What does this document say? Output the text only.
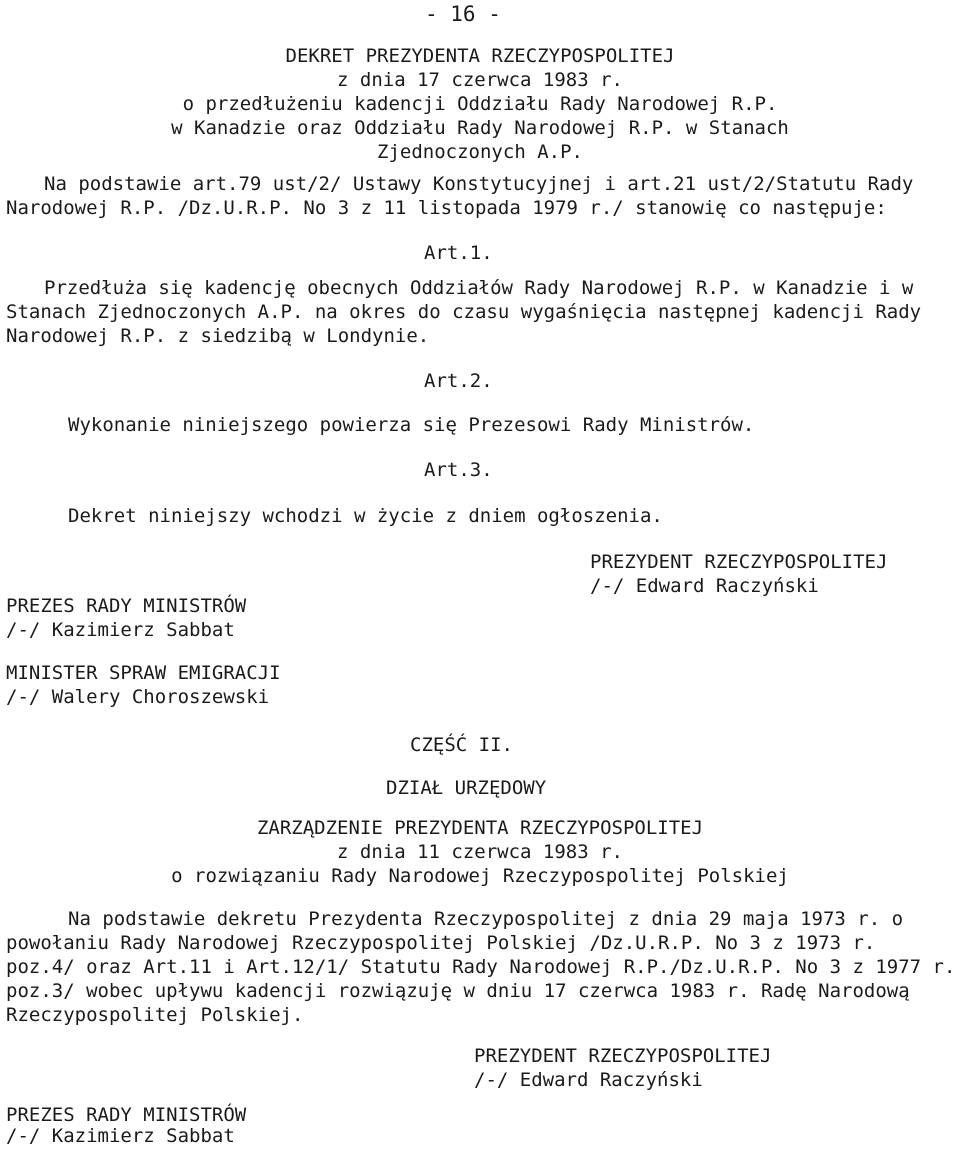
- 16 -
DEKRET PREZYDENTA RZECZYPOSPOLITEJ
z dnia 17 czerwca 1983 r.
o przedłużeniu kadencji Oddziału Rady Narodowej R.P.
w Kanadzie oraz Oddziału Rady Narodowej R.P. w Stanach
Zjednoczonych A.P.
Na podstawie art.79 ust/2/ Ustawy Konstytucyjnej i art.21 ust/2/Statutu Rady
Narodowej R.P. /Dz.U.R.P. No 3 z 11 listopada 1979 r./ stanowię co następuje:
Art.1.
Przedłuża się kadencję obecnych Oddziałów Rady Narodowej R.P. w Kanadzie i w
Stanach Zjednoczonych A.P. na okres do czasu wygaśnięcia następnej kadencji Rady
Narodowej R.P. z siedzibą w Londynie.
Art.2.
Wykonanie niniejszego powierza się Prezesowi Rady Ministrów.
Art.3.
Dekret niniejszy wchodzi w życie z dniem ogłoszenia.
PREZYDENT RZECZYPOSPOLITEJ
/-/ Edward Raczyński
PREZES RADY MINISTRÓW
/-/ Kazimierz Sabbat
MINISTER SPRAW EMIGRACJI
/-/ Walery Choroszewski
CZĘŚĆ II.
DZIAŁ URZĘDOWY
ZARZĄDZENIE PREZYDENTA RZECZYPOSPOLITEJ
z dnia 11 czerwca 1983 r.
o rozwiązaniu Rady Narodowej Rzeczypospolitej Polskiej
Na podstawie dekretu Prezydenta Rzeczypospolitej z dnia 29 maja 1973 r. o
powołaniu Rady Narodowej Rzeczypospolitej Polskiej /Dz.U.R.P. No 3 z 1973 r.
poz.4/ oraz Art.11 i Art.12/1/ Statutu Rady Narodowej R.P./Dz.U.R.P. No 3 z 1977 r.
poz.3/ wobec upływu kadencji rozwiązuję w dniu 17 czerwca 1983 r. Radę Narodową
Rzeczypospolitej Polskiej.
PREZYDENT RZECZYPOSPOLITEJ
/-/ Edward Raczyński
PREZES RADY MINISTRÓW
/-/ Kazimierz Sabbat
